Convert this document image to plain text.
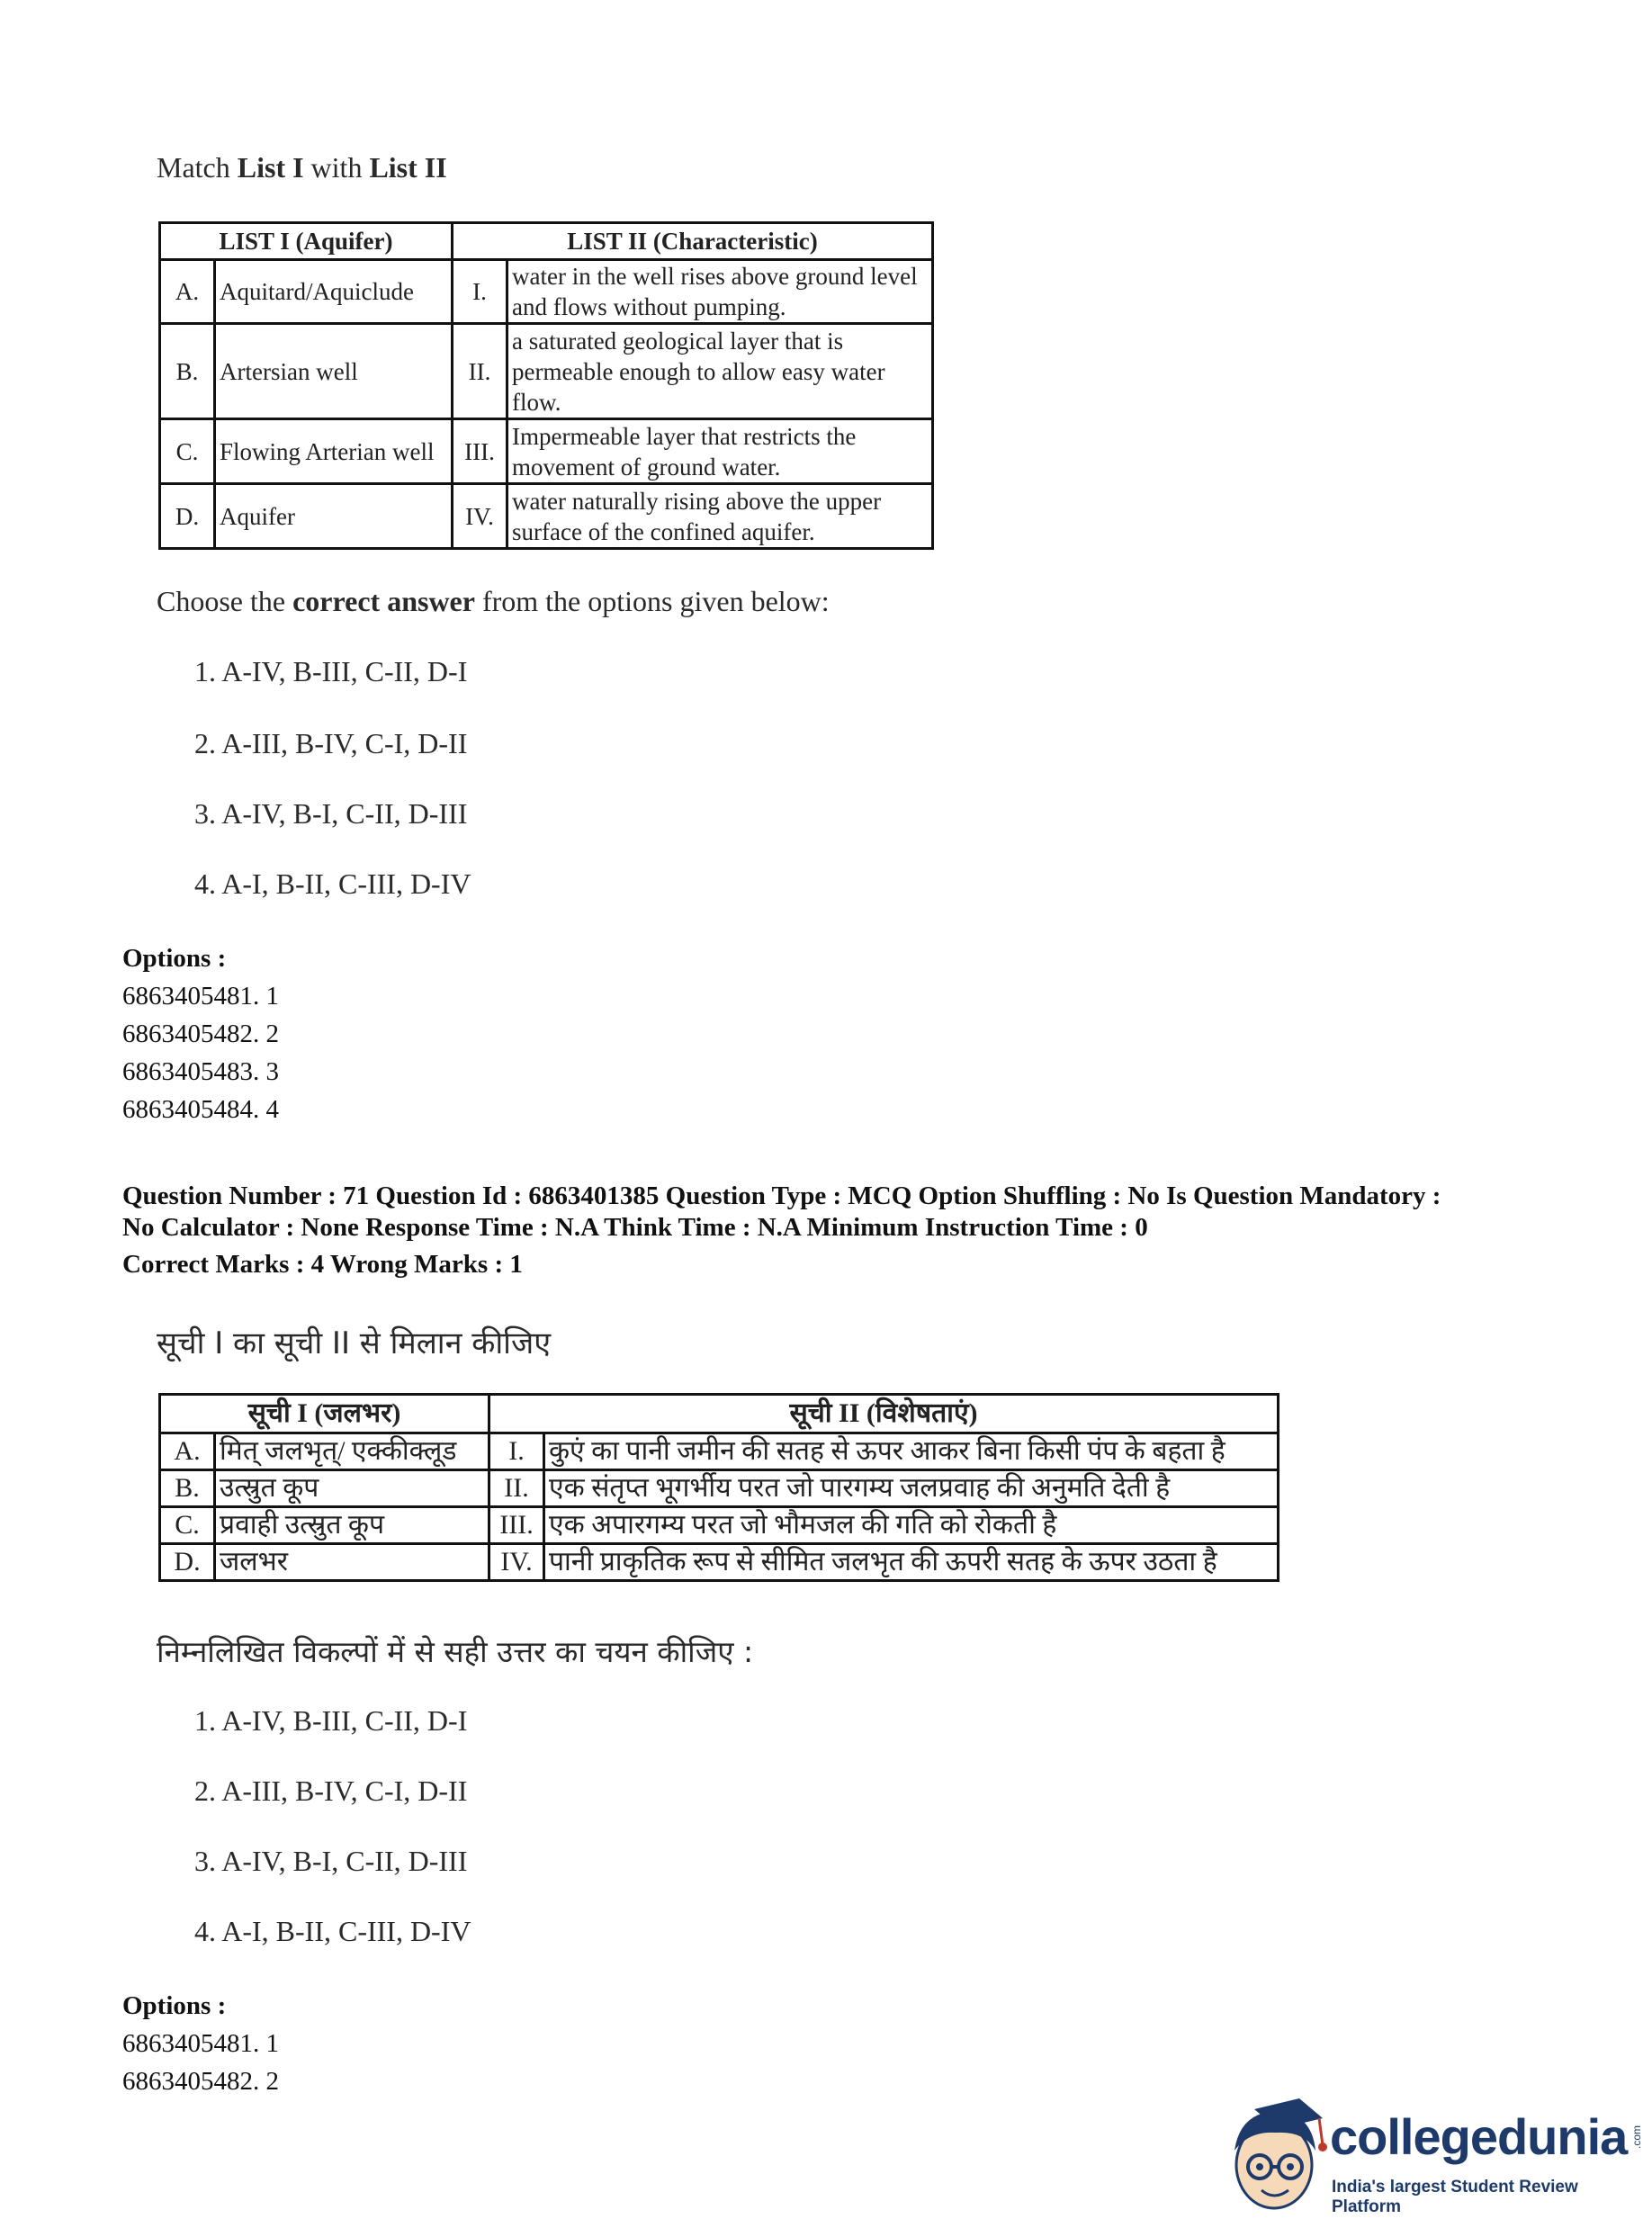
Match List I with List II
LIST I (Aquifer)		LIST II (Characteristic)	
A.	Aquitard/Aquiclude	I.	water in the well rises above ground level and flows without pumping.
B.	Artersian well	II.	a saturated geological layer that is permeable enough to allow easy water flow.
C.	Flowing Arterian well	III.	Impermeable layer that restricts the movement of ground water.
D.	Aquifer	IV.	water naturally rising above the upper surface of the confined aquifer.
Choose the correct answer from the options given below:
1. A-IV, B-III, C-II, D-I
2. A-III, B-IV, C-I, D-II
3. A-IV, B-I, C-II, D-III
4. A-I, B-II, C-III, D-IV
Options :
6863405481. 1
6863405482. 2
6863405483. 3
6863405484. 4
Question Number : 71 Question Id : 6863401385 Question Type : MCQ Option Shuffling : No Is Question Mandatory :
No Calculator : None Response Time : N.A Think Time : N.A Minimum Instruction Time : 0
Correct Marks : 4 Wrong Marks : 1
सूची I का सूची II से मिलान कीजिए
सूची I (जलभर)		सूची II (विशेषताएं)	
A.	मित् जलभृत्/ एक्कीक्लूड	I.	कुएं का पानी जमीन की सतह से ऊपर आकर बिना किसी पंप के बहता है
B.	उत्स्रुत कूप	II.	एक संतृप्त भूगर्भीय परत जो पारगम्य जलप्रवाह की अनुमति देती है
C.	प्रवाही उत्स्रुत कूप	III.	एक अपारगम्य परत जो भौमजल की गति को रोकती है
D.	जलभर	IV.	पानी प्राकृतिक रूप से सीमित जलभृत की ऊपरी सतह के ऊपर उठता है
निम्नलिखित विकल्पों में से सही उत्तर का चयन कीजिए :
1. A-IV, B-III, C-II, D-I
2. A-III, B-IV, C-I, D-II
3. A-IV, B-I, C-II, D-III
4. A-I, B-II, C-III, D-IV
Options :
6863405481. 1
6863405482. 2
collegedunia
India's largest Student Review Platform
.com
